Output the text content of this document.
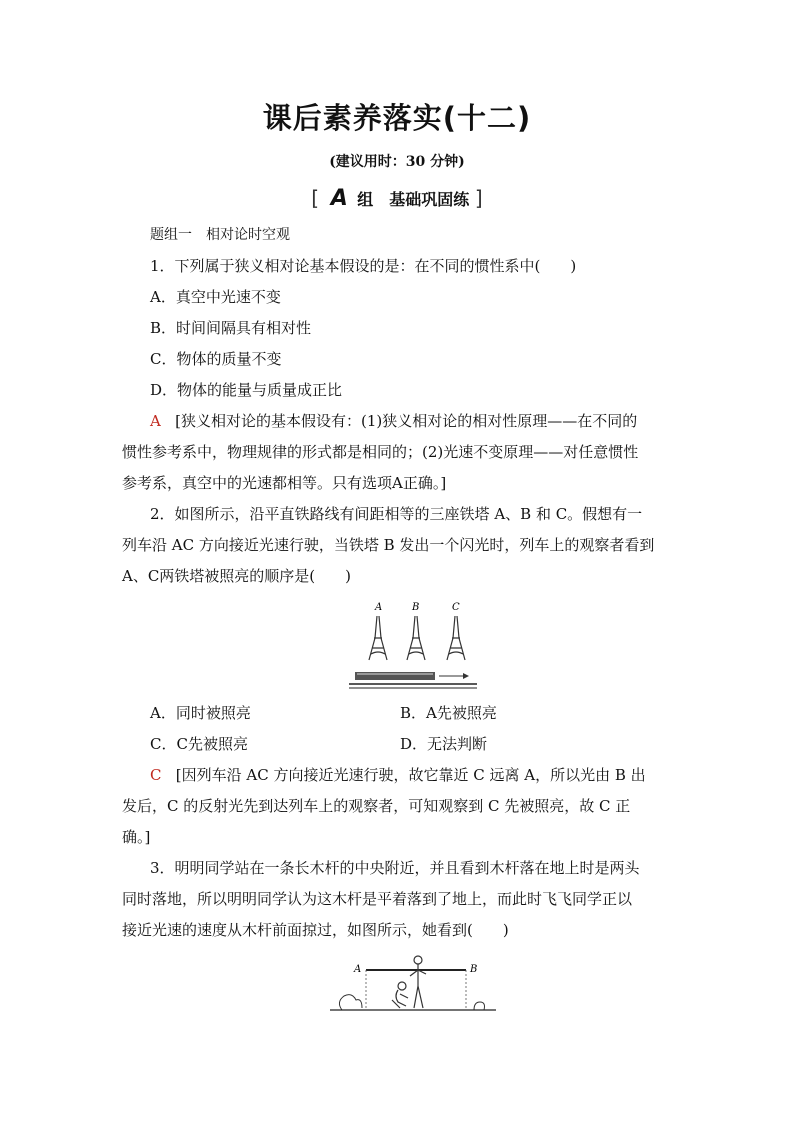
课后素养落实(十二)
(建议用时：30 分钟)
[ A 组　基础巩固练 ]
题组一　相对论时空观
1．下列属于狭义相对论基本假设的是：在不同的惯性系中(　　)
A．真空中光速不变
B．时间间隔具有相对性
C．物体的质量不变
D．物体的能量与质量成正比
A [狭义相对论的基本假设有：(1)狭义相对论的相对性原理——在不同的
惯性参考系中，物理规律的形式都是相同的；(2)光速不变原理——对任意惯性
参考系，真空中的光速都相等。只有选项A正确。]
2．如图所示，沿平直铁路线有间距相等的三座铁塔 A、B 和 C。假想有一
列车沿 AC 方向接近光速行驶，当铁塔 B 发出一个闪光时，列车上的观察者看到
A、C两铁塔被照亮的顺序是(　　)
A	B	C
A．同时被照亮	B．A先被照亮
C．C先被照亮	D．无法判断
C [因列车沿 AC 方向接近光速行驶，故它靠近 C 远离 A，所以光由 B 出
发后，C 的反射光先到达列车上的观察者，可知观察到 C 先被照亮，故 C 正
确。]
3．明明同学站在一条长木杆的中央附近，并且看到木杆落在地上时是两头
同时落地，所以明明同学认为这木杆是平着落到了地上，而此时飞飞同学正以
接近光速的速度从木杆前面掠过，如图所示，她看到(　　)
A	B
